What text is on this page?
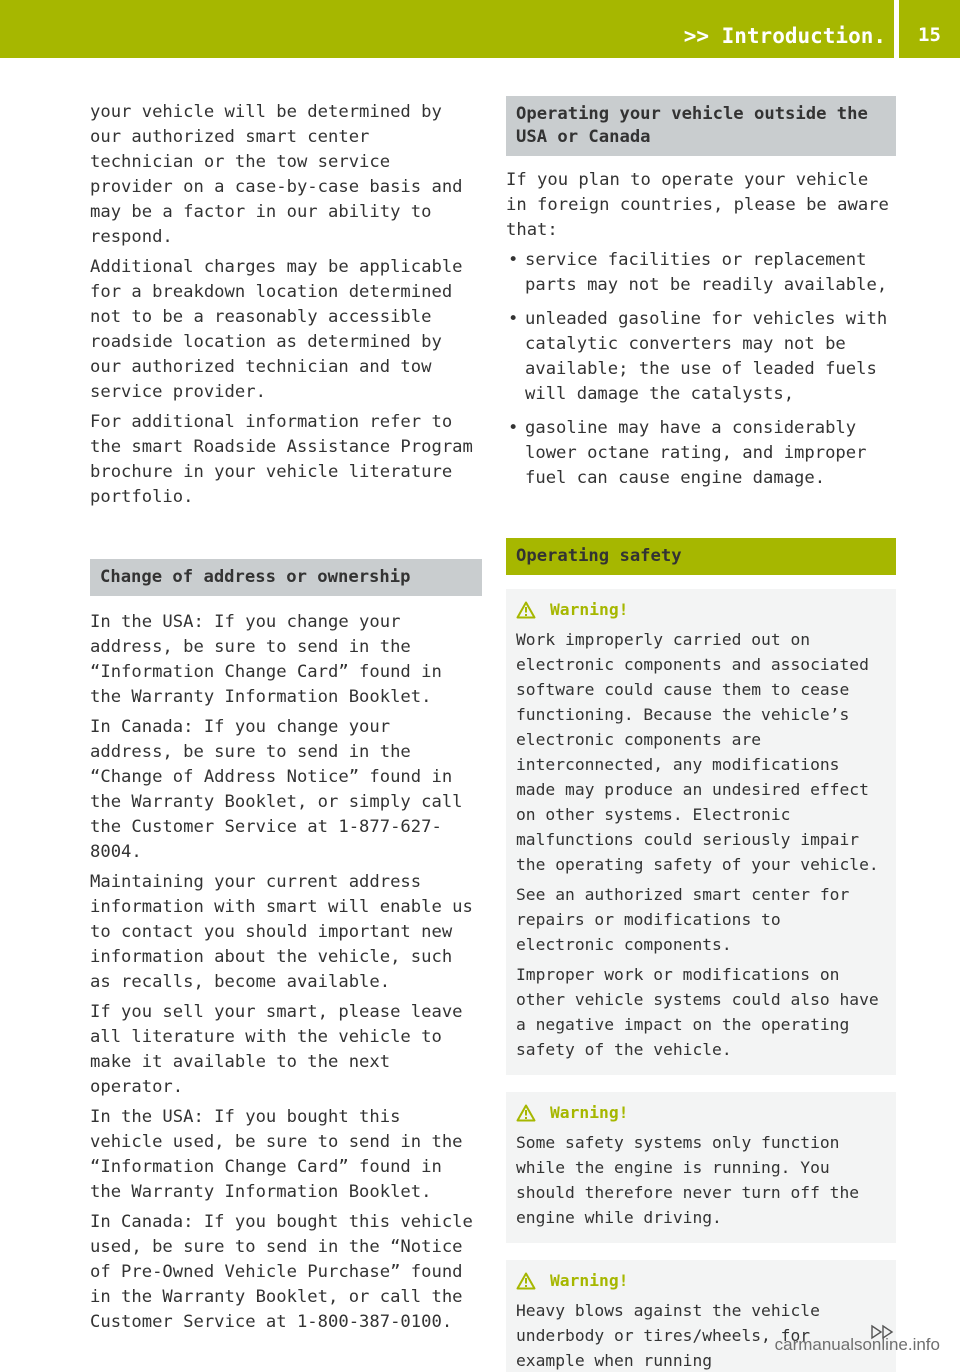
>> Introduction.	15

your vehicle will be determined by our authorized smart center technician or the tow service provider on a case-by-case basis and may be a factor in our ability to respond.

Additional charges may be applicable for a breakdown location determined not to be a reasonably accessible roadside location as determined by our authorized technician and tow service provider.

For additional information refer to the smart Roadside Assistance Program brochure in your vehicle literature portfolio.

Change of address or ownership

In the USA: If you change your address, be sure to send in the “Information Change Card” found in the Warranty Information Booklet.

In Canada: If you change your address, be sure to send in the “Change of Address Notice” found in the Warranty Booklet, or simply call the Customer Service at 1-877-627-8004.

Maintaining your current address information with smart will enable us to contact you should important new information about the vehicle, such as recalls, become available.

If you sell your smart, please leave all literature with the vehicle to make it available to the next operator.

In the USA: If you bought this vehicle used, be sure to send in the “Information Change Card” found in the Warranty Information Booklet.

In Canada: If you bought this vehicle used, be sure to send in the “Notice of Pre-Owned Vehicle Purchase” found in the Warranty Booklet, or call the Customer Service at 1-800-387-0100.

Operating your vehicle outside the USA or Canada

If you plan to operate your vehicle in foreign countries, please be aware that:

• service facilities or replacement parts may not be readily available,
• unleaded gasoline for vehicles with catalytic converters may not be available; the use of leaded fuels will damage the catalysts,
• gasoline may have a considerably lower octane rating, and improper fuel can cause engine damage.
Operating safety
Warning!

Work improperly carried out on electronic components and associated software could cause them to cease functioning. Because the vehicle’s electronic components are interconnected, any modifications made may produce an undesired effect on other systems. Electronic malfunctions could seriously impair the operating safety of your vehicle.

See an authorized smart center for repairs or modifications to electronic components.

Improper work or modifications on other vehicle systems could also have a negative impact on the operating safety of the vehicle.

Warning!

Some safety systems only function while the engine is running. You should therefore never turn off the engine while driving.

Warning!

Heavy blows against the vehicle underbody or tires/wheels, for example when running

carmanualsonline.info
